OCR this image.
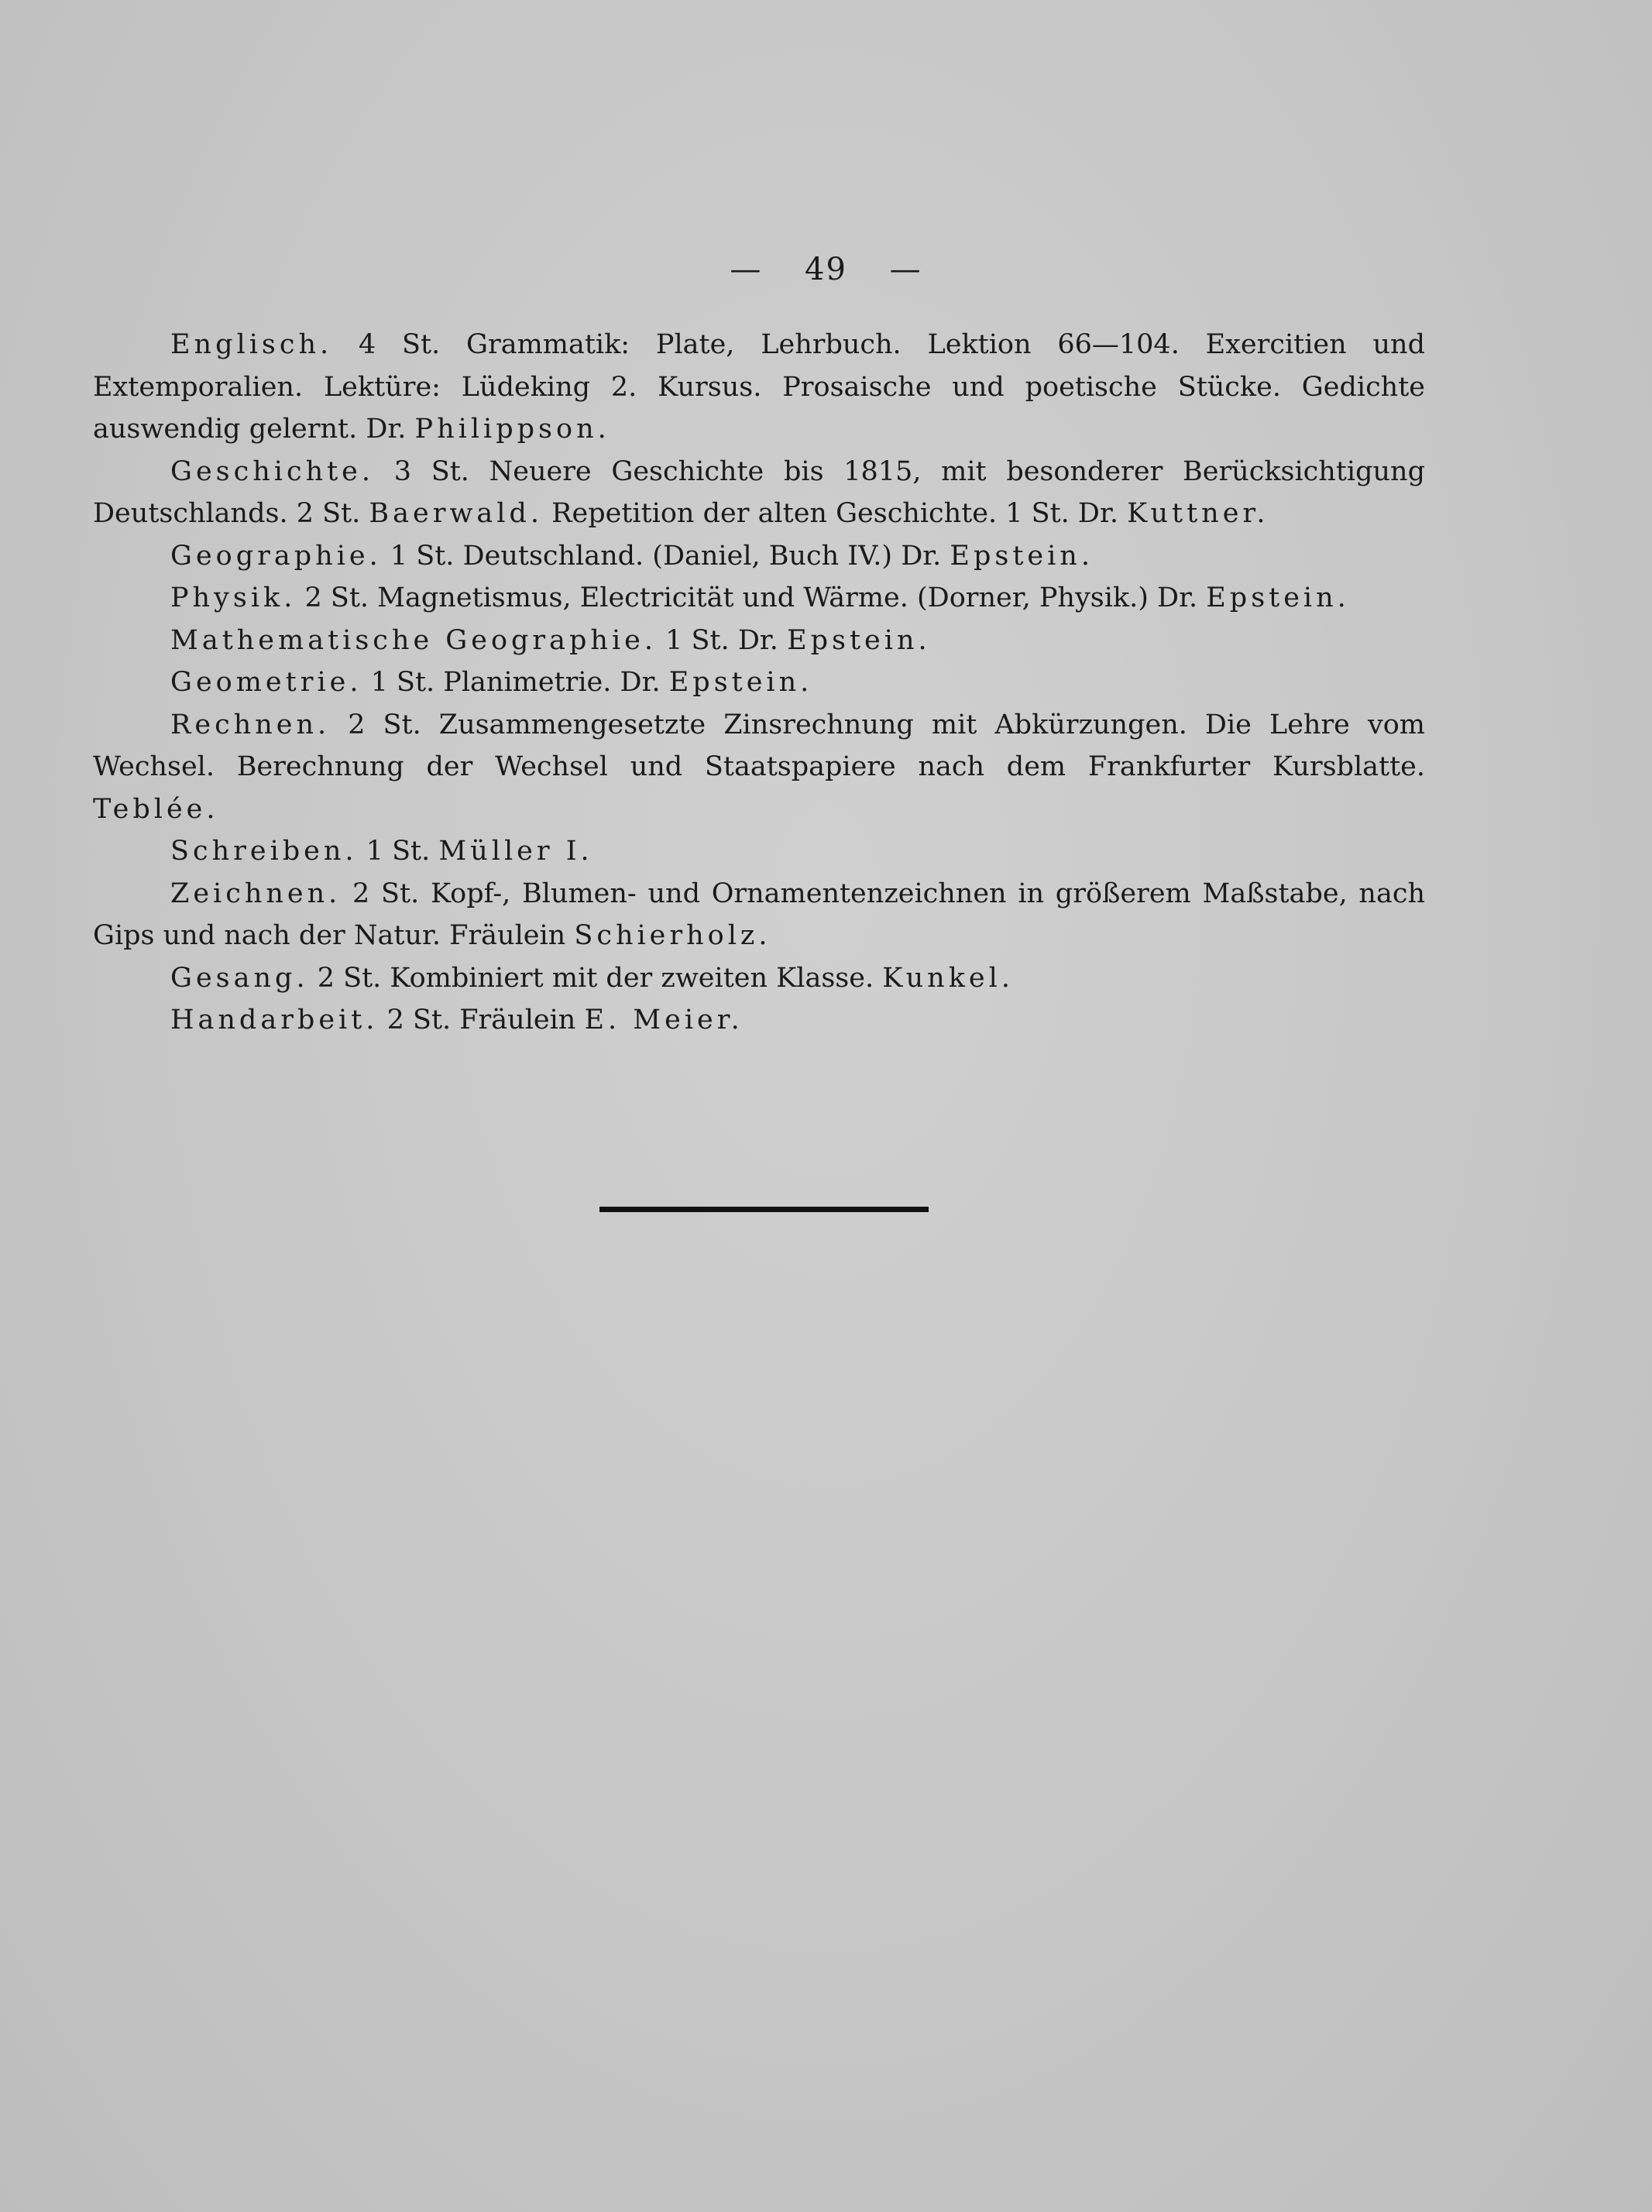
— 49 —
Englisch. 4 St. Grammatik: Plate, Lehrbuch. Lektion 66—104. Exercitien und Extemporalien. Lektüre: Lüdeking 2. Kursus. Prosaische und poetische Stücke. Gedichte auswendig gelernt. Dr. Philippson.
Geschichte. 3 St. Neuere Geschichte bis 1815, mit besonderer Berücksichtigung Deutschlands. 2 St. Baerwald. Repetition der alten Geschichte. 1 St. Dr. Kuttner.
Geographie. 1 St. Deutschland. (Daniel, Buch IV.) Dr. Epstein.
Physik. 2 St. Magnetismus, Electricität und Wärme. (Dorner, Physik.) Dr. Epstein.
Mathematische Geographie. 1 St. Dr. Epstein.
Geometrie. 1 St. Planimetrie. Dr. Epstein.
Rechnen. 2 St. Zusammengesetzte Zinsrechnung mit Abkürzungen. Die Lehre vom Wechsel. Berechnung der Wechsel und Staatspapiere nach dem Frankfurter Kursblatte. Teblée.
Schreiben. 1 St. Müller I.
Zeichnen. 2 St. Kopf-, Blumen- und Ornamentenzeichnen in größerem Maßstabe, nach Gips und nach der Natur. Fräulein Schierholz.
Gesang. 2 St. Kombiniert mit der zweiten Klasse. Kunkel.
Handarbeit. 2 St. Fräulein E. Meier.
